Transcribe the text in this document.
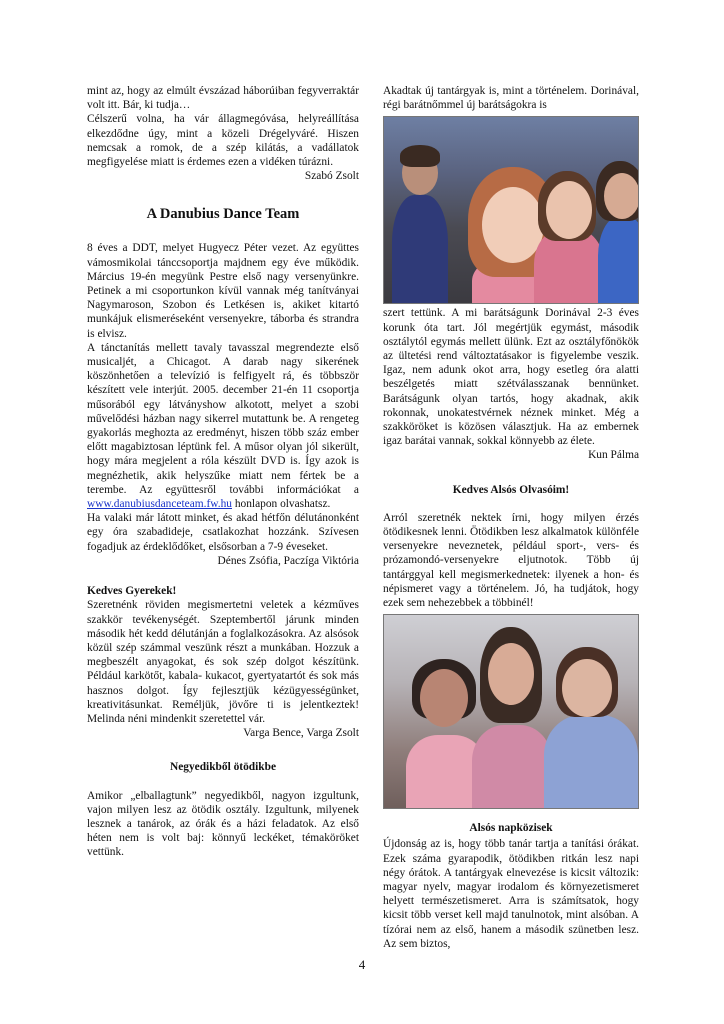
mint az, hogy az elmúlt évszázad háborúiban fegyverraktár volt itt. Bár, ki tudja…

Célszerű volna, ha vár állagmegóvása, helyreállítása elkezdődne úgy, mint a közeli Drégelyváré. Hiszen nemcsak a romok, de a szép kilátás, a vadállatok megfigyelése miatt is érdemes ezen a vidéken túrázni.

Szabó Zsolt

A Danubius Dance Team

8 éves a DDT, melyet Hugyecz Péter vezet. Az együttes vámosmikolai tánccsoportja majdnem egy éve működik. Március 19-én megyünk Pestre első nagy versenyünkre. Petinek a mi csoportunkon kívül vannak még tanítványai Nagymaroson, Szobon és Letkésen is, akiket kitartó munkájuk elismeréseként versenyekre, táborba és strandra is elvisz.

A tánctanítás mellett tavaly tavasszal megrendezte első musicaljét, a Chicagot. A darab nagy sikerének köszönhetően a televízió is felfigyelt rá, és többször készített vele interjút. 2005. december 21-én 11 csoportja műsorából egy látványshow alkotott, melyet a szobi művelődési házban nagy sikerrel mutattunk be. A rengeteg gyakorlás meghozta az eredményt, hiszen több száz ember előtt magabiztosan léptünk fel. A műsor olyan jól sikerült, hogy mára megjelent a róla készült DVD is. Így azok is megnézhetik, akik helyszűke miatt nem fértek be a terembe. Az együttesről további információkat a www.danubiusdanceteam.fw.hu honlapon olvashatsz.

Ha valaki már látott minket, és akad hétfőn délutánonként egy óra szabadideje, csatlakozhat hozzánk. Szívesen fogadjuk az érdeklődőket, elsősorban a 7-9 éveseket.

Dénes Zsófia, Paczíga Viktória

Kedves Gyerekek!

Szeretnénk röviden megismertetni veletek a kézműves szakkör tevékenységét. Szeptembertől járunk minden második hét kedd délutánján a foglalkozásokra. Az alsósok közül szép számmal veszünk részt a munkában. Hozzuk a megbeszélt anyagokat, és sok szép dolgot készítünk. Például karkötőt, kabala- kukacot, gyertyatartót és sok más hasznos dolgot. Így fejlesztjük kézügyességünket, kreativitásunkat. Reméljük, jövőre ti is jelentkeztek! Melinda néni mindenkit szeretettel vár.

Varga Bence, Varga Zsolt

Negyedikből ötödikbe

Amikor „elballagtunk” negyedikből, nagyon izgultunk, vajon milyen lesz az ötödik osztály. Izgultunk, milyenek lesznek a tanárok, az órák és a házi feladatok. Az első héten nem is volt baj: könnyű leckéket, témaköröket vettünk.

Akadtak új tantárgyak is, mint a történelem. Dorinával, régi barátnőmmel új barátságokra is

szert tettünk. A mi barátságunk Dorinával 2-3 éves korunk óta tart. Jól megértjük egymást, második osztálytól egymás mellett ülünk. Ezt az osztályfőnökök az ültetési rend változtatásakor is figyelembe veszik. Igaz, nem adunk okot arra, hogy esetleg óra alatti beszélgetés miatt szétválasszanak bennünket. Barátságunk olyan tartós, hogy akadnak, akik rokonnak, unokatestvérnek néznek minket. Még a szakköröket is közösen választjuk. Ha az embernek igaz barátai vannak, sokkal könnyebb az élete.

Kun Pálma

Kedves Alsós Olvasóim!

Arról szeretnék nektek írni, hogy milyen érzés ötödikesnek lenni. Ötödikben lesz alkalmatok különféle versenyekre neveznetek, például sport-, vers- és prózamondó-versenyekre eljutnotok. Több új tantárggyal kell megismerkednetek: ilyenek a hon- és népismeret vagy a történelem. Jó, ha tudjátok, hogy ezek sem nehezebbek a többinél!

Alsós napközisek

Újdonság az is, hogy több tanár tartja a tanítási órákat. Ezek száma gyarapodik, ötödikben ritkán lesz napi négy órátok. A tantárgyak elnevezése is kicsit változik: magyar nyelv, magyar irodalom és környezetismeret helyett természetismeret. Arra is számítsatok, hogy kicsit több verset kell majd tanulnotok, mint alsóban. A tízórai nem az első, hanem a második szünetben lesz. Az sem biztos,

4
